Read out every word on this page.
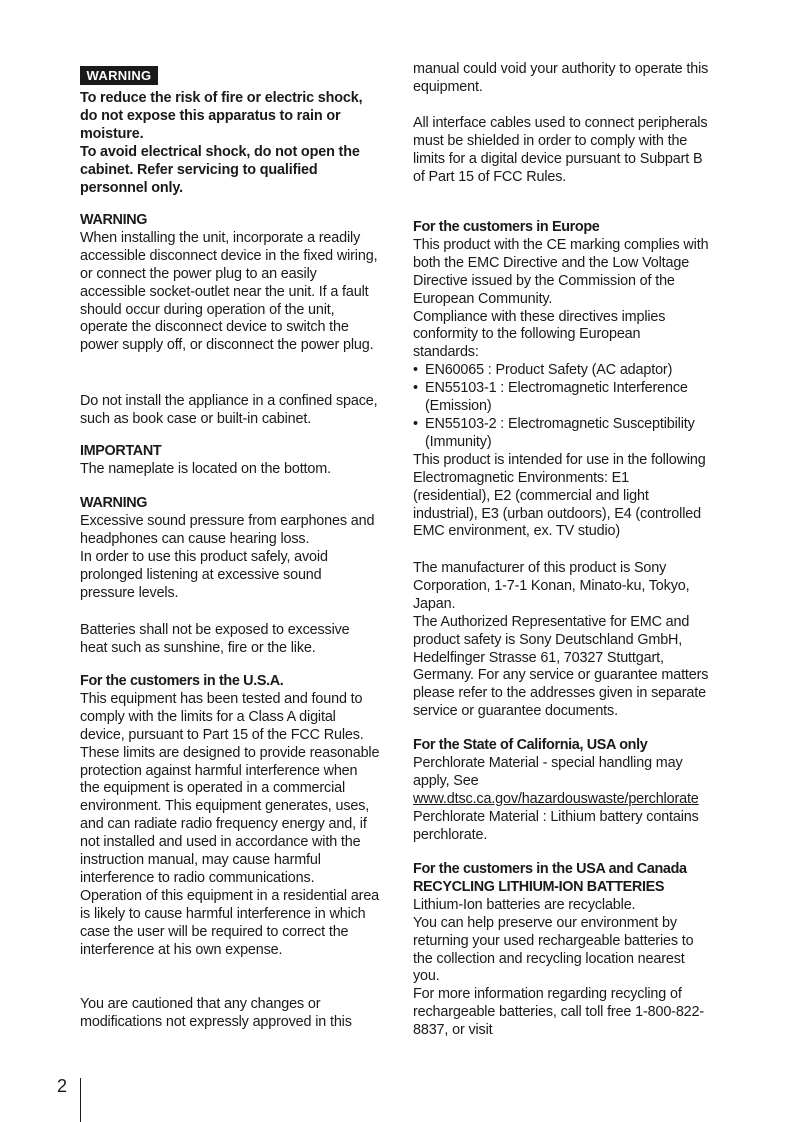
WARNING

To reduce the risk of fire or electric shock, do not expose this apparatus to rain or moisture.

To avoid electrical shock, do not open the cabinet. Refer servicing to qualified personnel only.

WARNING

When installing the unit, incorporate a readily accessible disconnect device in the fixed wiring, or connect the power plug to an easily accessible socket-outlet near the unit. If a fault should occur during operation of the unit, operate the disconnect device to switch the power supply off, or disconnect the power plug.

Do not install the appliance in a confined space, such as book case or built-in cabinet.

IMPORTANT

The nameplate is located on the bottom.

WARNING

Excessive sound pressure from earphones and headphones can cause hearing loss.
In order to use this product safely, avoid prolonged listening at excessive sound pressure levels.

Batteries shall not be exposed to excessive heat such as sunshine, fire or the like.

For the customers in the U.S.A.

This equipment has been tested and found to comply with the limits for a Class A digital device, pursuant to Part 15 of the FCC Rules. These limits are designed to provide reasonable protection against harmful interference when the equipment is operated in a commercial environment. This equipment generates, uses, and can radiate radio frequency energy and, if not installed and used in accordance with the instruction manual, may cause harmful interference to radio communications. Operation of this equipment in a residential area is likely to cause harmful interference in which case the user will be required to correct the interference at his own expense.

You are cautioned that any changes or modifications not expressly approved in this

manual could void your authority to operate this equipment.

All interface cables used to connect peripherals must be shielded in order to comply with the limits for a digital device pursuant to Subpart B of Part 15 of FCC Rules.

For the customers in Europe

This product with the CE marking complies with both the EMC Directive and the Low Voltage Directive issued by the Commission of the European Community.

Compliance with these directives implies conformity to the following European standards:

• EN60065 : Product Safety (AC adaptor)
• EN55103-1 : Electromagnetic Interference (Emission)
• EN55103-2 : Electromagnetic Susceptibility (Immunity)

This product is intended for use in the following Electromagnetic Environments: E1 (residential), E2 (commercial and light industrial), E3 (urban outdoors), E4 (controlled EMC environment, ex. TV studio)

The manufacturer of this product is Sony Corporation, 1-7-1 Konan, Minato-ku, Tokyo, Japan.

The Authorized Representative for EMC and product safety is Sony Deutschland GmbH, Hedelfinger Strasse 61, 70327 Stuttgart, Germany. For any service or guarantee matters please refer to the addresses given in separate service or guarantee documents.

For the State of California, USA only

Perchlorate Material - special handling may apply, See www.dtsc.ca.gov/hazardouswaste/perchlorate

Perchlorate Material : Lithium battery contains perchlorate.

For the customers in the USA and Canada
RECYCLING LITHIUM-ION BATTERIES

Lithium-Ion batteries are recyclable.

You can help preserve our environment by returning your used rechargeable batteries to the collection and recycling location nearest you.

For more information regarding recycling of rechargeable batteries, call toll free 1-800-822-8837, or visit

2
